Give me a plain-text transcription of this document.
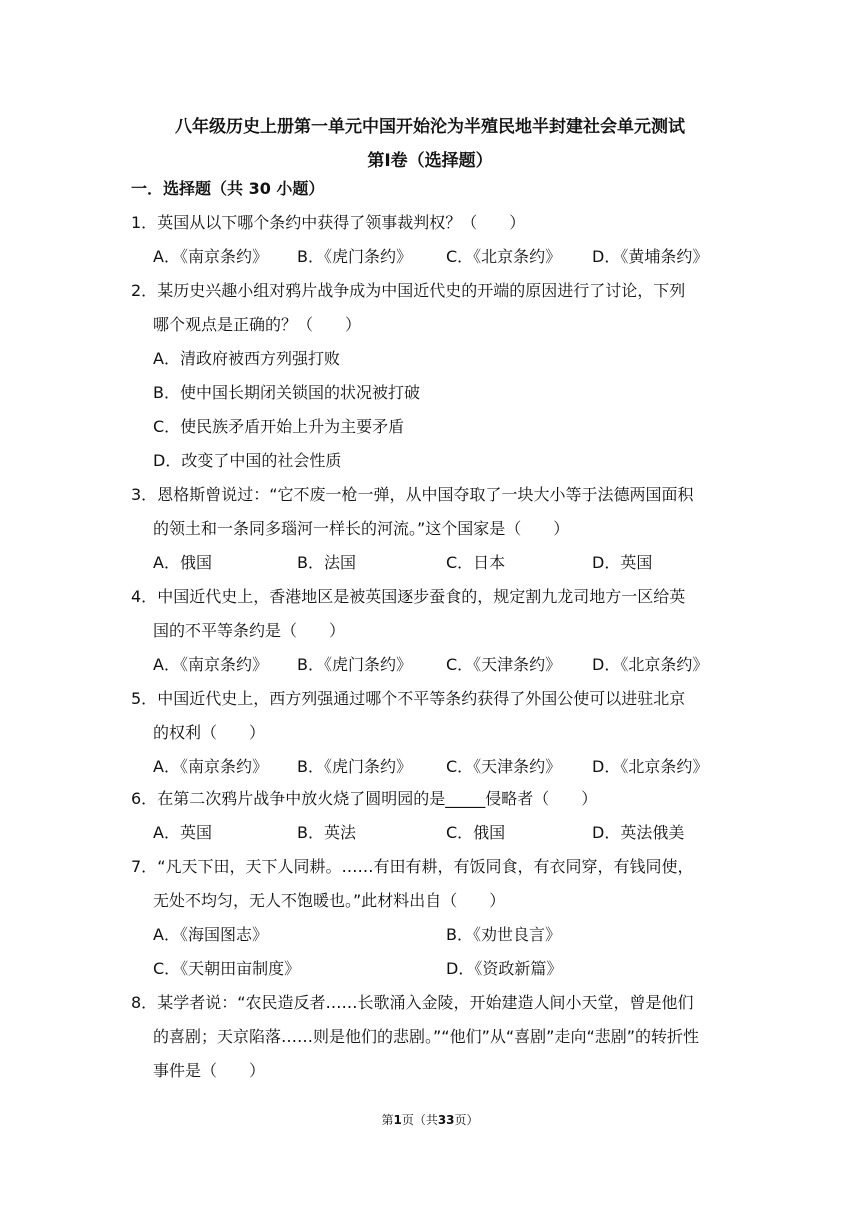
八年级历史上册第一单元中国开始沦为半殖民地半封建社会单元测试
第Ⅰ卷（选择题）
一．选择题（共 30 小题）
1．英国从以下哪个条约中获得了领事裁判权？（　　）
A．《南京条约》 B．《虎门条约》 C．《北京条约》 D．《黄埔条约》
2．某历史兴趣小组对鸦片战争成为中国近代史的开端的原因进行了讨论，下列
哪个观点是正确的？（　　）
A．清政府被西方列强打败
B．使中国长期闭关锁国的状况被打破
C．使民族矛盾开始上升为主要矛盾
D．改变了中国的社会性质
3．恩格斯曾说过：“它不废一枪一弹，从中国夺取了一块大小等于法德两国面积
的领土和一条同多瑙河一样长的河流。”这个国家是（　　）
A．俄国	B．法国	C．日本	D．英国
4．中国近代史上，香港地区是被英国逐步蚕食的，规定割九龙司地方一区给英
国的不平等条约是（　　）
A．《南京条约》 B．《虎门条约》 C．《天津条约》 D．《北京条约》
5．中国近代史上，西方列强通过哪个不平等条约获得了外国公使可以进驻北京
的权利（　　）
A．《南京条约》 B．《虎门条约》 C．《天津条约》 D．《北京条约》
6．在第二次鸦片战争中放火烧了圆明园的是_____侵略者（　　）
A．英国	B．英法	C．俄国	D．英法俄美
7．“凡天下田，天下人同耕。……有田有耕，有饭同食，有衣同穿，有钱同使，
无处不均匀，无人不饱暖也。”此材料出自（　　）
A．《海国图志》	B．《劝世良言》
C．《天朝田亩制度》	D．《资政新篇》
8．某学者说：“农民造反者……长歌涌入金陵，开始建造人间小天堂，曾是他们
的喜剧；天京陷落……则是他们的悲剧。”“他们”从“喜剧”走向“悲剧”的转折性
事件是（　　）
第1页（共33页）
